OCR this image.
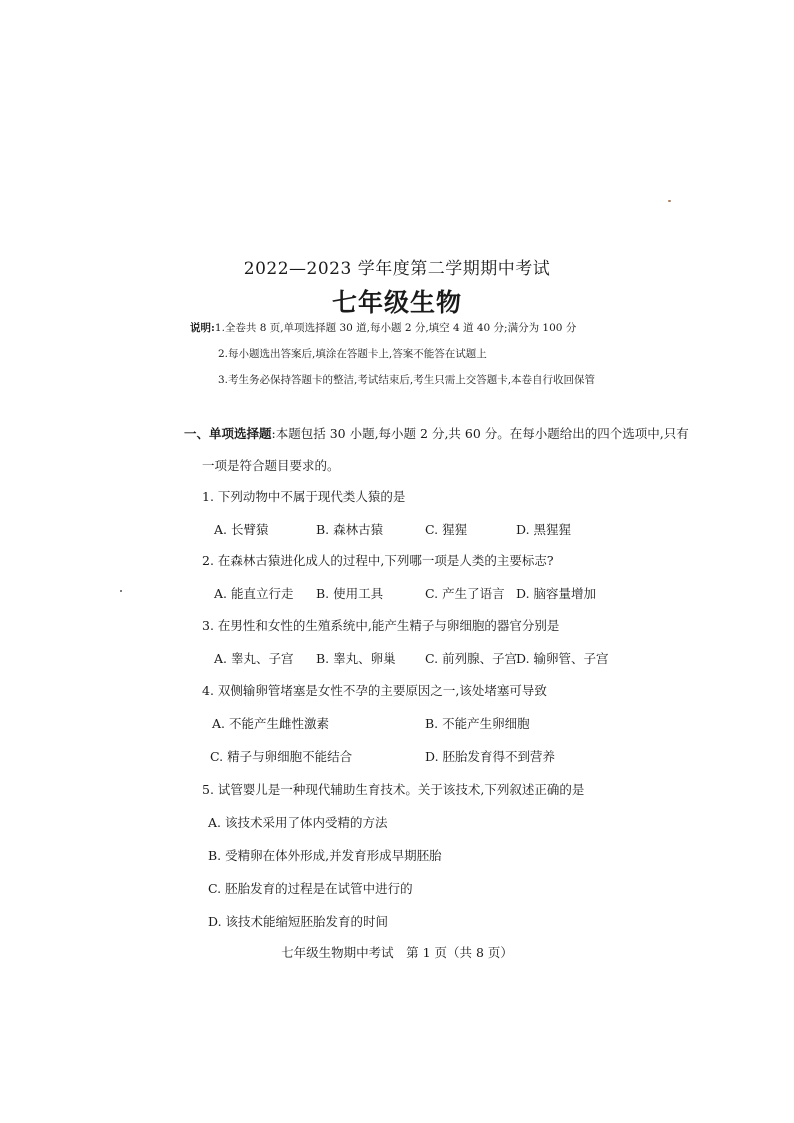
2022—2023 学年度第二学期期中考试
七年级生物
说明:1.全卷共 8 页,单项选择题 30 道,每小题 2 分,填空 4 道 40 分;满分为 100 分
2.每小题选出答案后,填涂在答题卡上,答案不能答在试题上
3.考生务必保持答题卡的整洁,考试结束后,考生只需上交答题卡,本卷自行收回保管
一、单项选择题:本题包括 30 小题,每小题 2 分,共 60 分。在每小题给出的四个选项中,只有
一项是符合题目要求的。
1. 下列动物中不属于现代类人猿的是
A. 长臂猿	B. 森林古猿	C. 猩猩	D. 黑猩猩
2. 在森林古猿进化成人的过程中,下列哪一项是人类的主要标志?
A. 能直立行走 B. 使用工具	C. 产生了语言 D. 脑容量增加
3. 在男性和女性的生殖系统中,能产生精子与卵细胞的器官分别是
A. 睾丸、子宫 B. 睾丸、卵巢 C. 前列腺、子宫
D. 输卵管、子宫
4. 双侧输卵管堵塞是女性不孕的主要原因之一,该处堵塞可导致
A. 不能产生雌性激素	B. 不能产生卵细胞
C. 精子与卵细胞不能结合	D. 胚胎发育得不到营养
5. 试管婴儿是一种现代辅助生育技术。关于该技术,下列叙述正确的是
A. 该技术采用了体内受精的方法
B. 受精卵在体外形成,并发育形成早期胚胎
C. 胚胎发育的过程是在试管中进行的
D. 该技术能缩短胚胎发育的时间
七年级生物期中考试　第 1 页（共 8 页）
